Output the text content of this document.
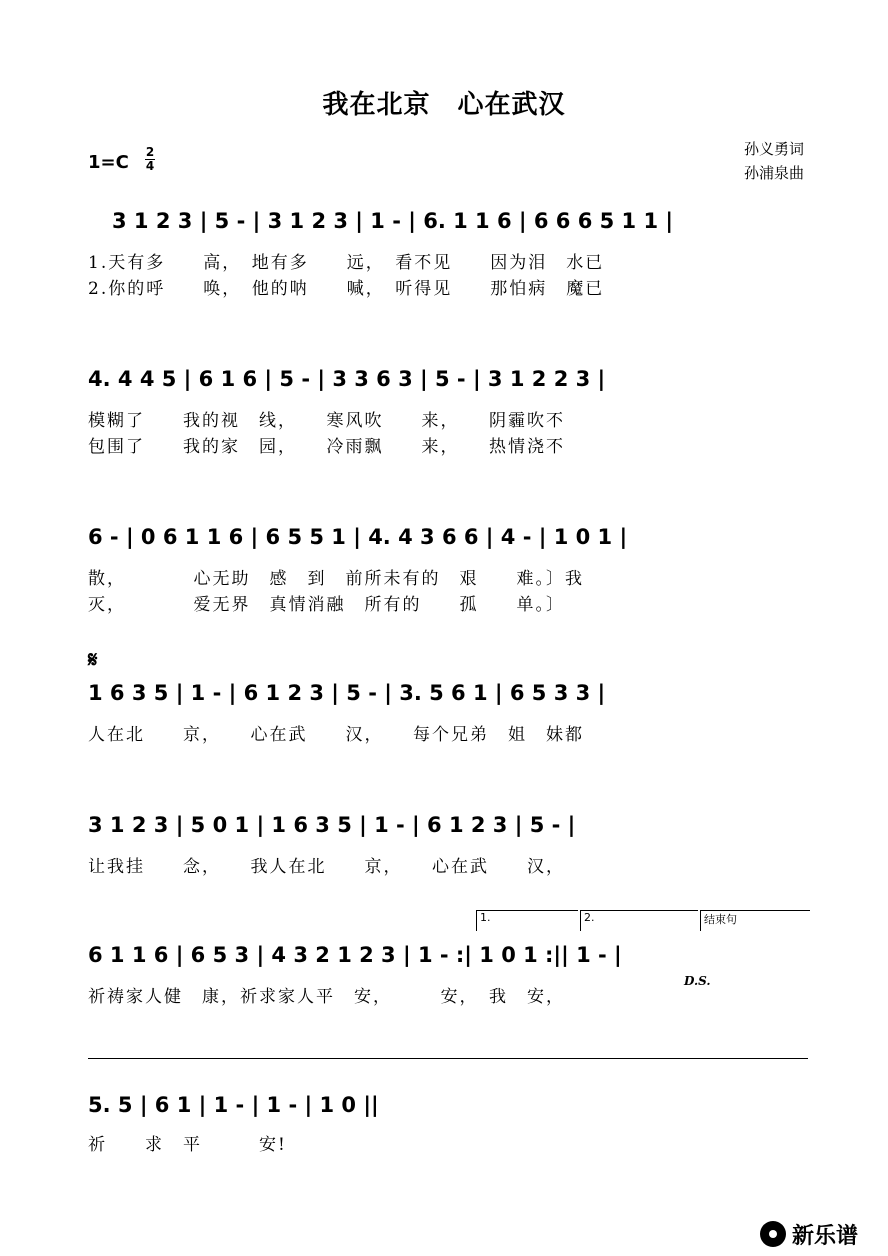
我在北京　心在武汉
孙义勇词
孙浦泉曲
1=C 2
4
3 1 2 3 | 5 - | 3 1 2 3 | 1 - | 6. 1 1 6 | 6 6 6 5 1 1 |
1.天有多　　高，　地有多　　远，　看不见　　因为泪　水已
2.你的呼　　唤，　他的呐　　喊，　听得见　　那怕病　魔已
4. 4 4 5 | 6 1 6 | 5 - | 3 3 6 3 | 5 - | 3 1 2 2 3 |
模糊了　　我的视　线，　　寒风吹　　来，　　阴霾吹不
包围了　　我的家　园，　　冷雨飘　　来，　　热情浇不
6 - | 0 6 1 1 6 | 6 5 5 1 | 4. 4 3 6 6 | 4 - | 1 0 1 |
散，　　　　心无助　感　到　前所未有的　艰　　难。〕我
灭，　　　　爱无界　真情消融　所有的　　孤　　单。〕
𝄋
1 6 3 5 | 1 - | 6 1 2 3 | 5 - | 3. 5 6 1 | 6 5 3 3 |
人在北　　京，　　心在武　　汉，　　每个兄弟　姐　妹都
3 1 2 3 | 5 0 1 | 1 6 3 5 | 1 - | 6 1 2 3 | 5 - |
让我挂　　念，　　我人在北　　京，　　心在武　　汉，
1.	2.	结束句
6 1 1 6 | 6 5 3 | 4 3 2 1 2 3 | 1 - :| 1 0 1 :|| 1 - |
D.S.
祈祷家人健　康，祈求家人平　安，　　　安，　我　安，
5. 5 | 6 1 | 1 - | 1 - | 1 0 ||
祈　　求　平　　　安!
新乐谱
